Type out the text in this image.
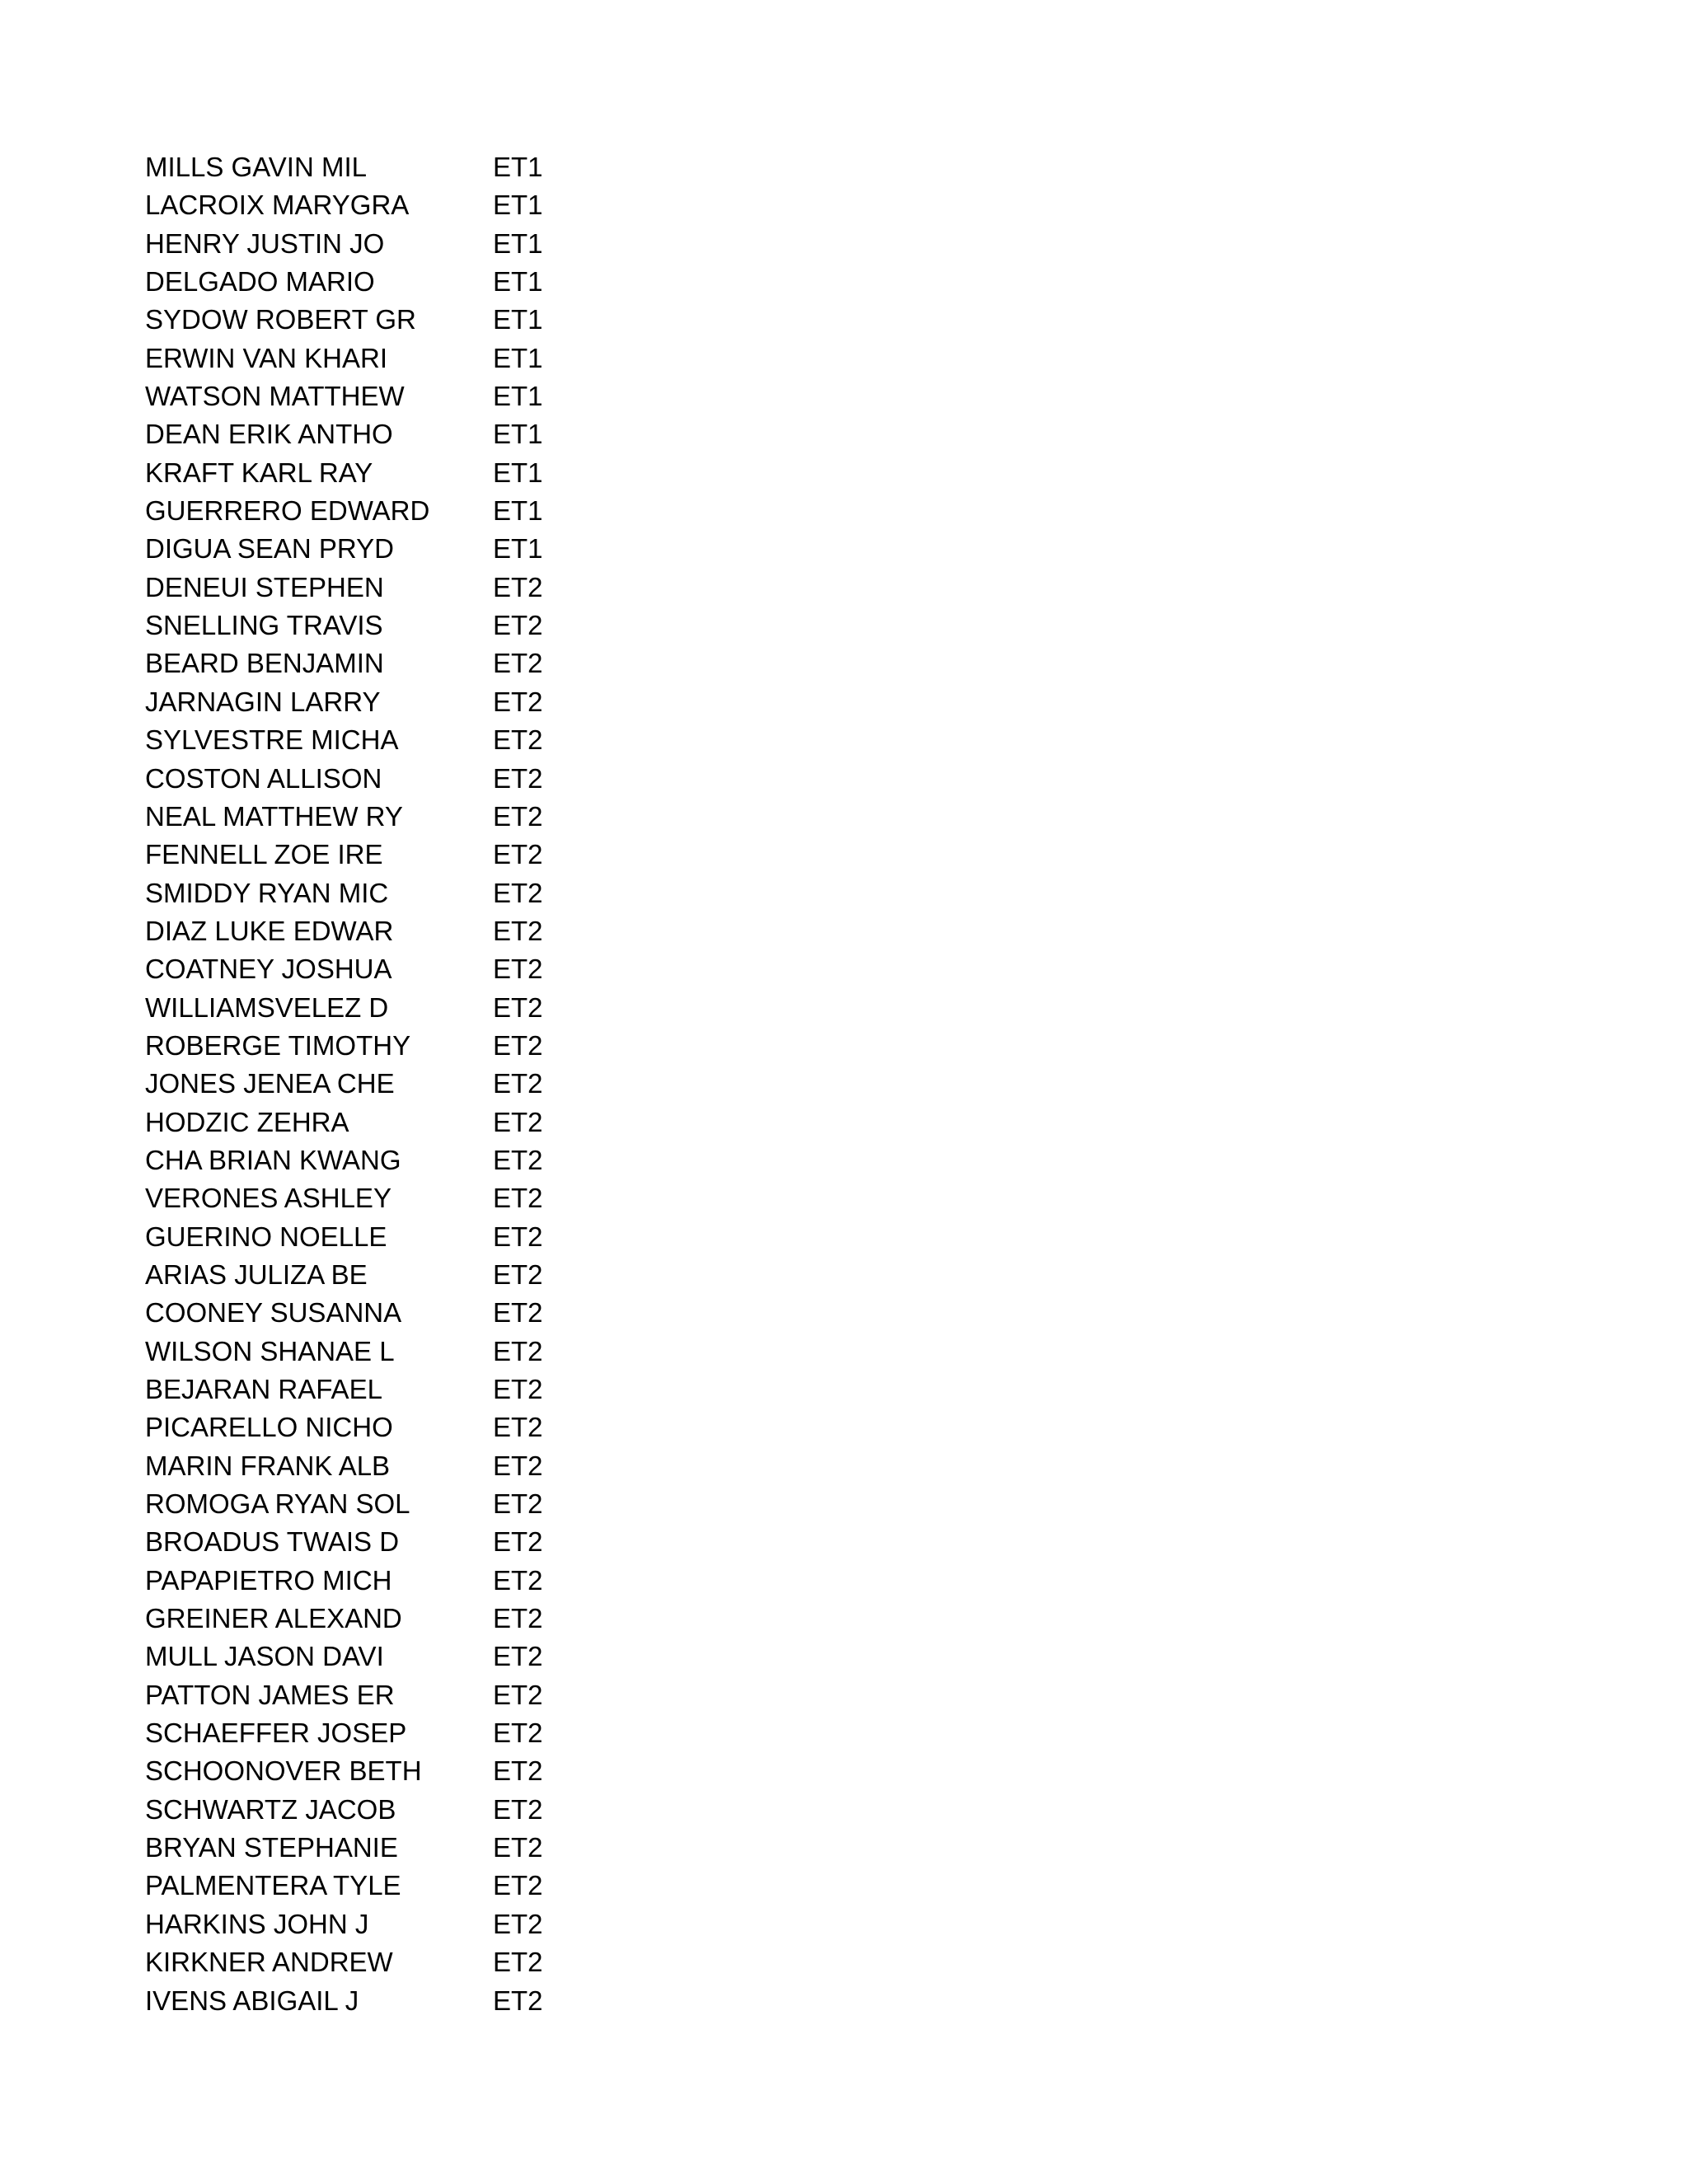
MILLS GAVIN MIL	ET1
LACROIX MARYGRA	ET1
HENRY JUSTIN JO	ET1
DELGADO MARIO	ET1
SYDOW ROBERT GR	ET1
ERWIN VAN KHARI	ET1
WATSON MATTHEW	ET1
DEAN ERIK ANTHO	ET1
KRAFT KARL RAY	ET1
GUERRERO EDWARD ET1
DIGUA SEAN PRYD	ET1
DENEUI STEPHEN	ET2
SNELLING TRAVIS	ET2
BEARD BENJAMIN	ET2
JARNAGIN LARRY	ET2
SYLVESTRE MICHA	ET2
COSTON ALLISON	ET2
NEAL MATTHEW RY	ET2
FENNELL ZOE IRE	ET2
SMIDDY RYAN MIC	ET2
DIAZ LUKE EDWAR	ET2
COATNEY JOSHUA	ET2
WILLIAMSVELEZ D	ET2
ROBERGE TIMOTHY	ET2
JONES JENEA CHE	ET2
HODZIC ZEHRA	ET2
CHA BRIAN KWANG	ET2
VERONES ASHLEY	ET2
GUERINO NOELLE	ET2
ARIAS JULIZA BE	ET2
COONEY SUSANNA	ET2
WILSON SHANAE L	ET2
BEJARAN RAFAEL	ET2
PICARELLO NICHO	ET2
MARIN FRANK ALB	ET2
ROMOGA RYAN SOL	ET2
BROADUS TWAIS D	ET2
PAPAPIETRO MICH	ET2
GREINER ALEXAND	ET2
MULL JASON DAVI	ET2
PATTON JAMES ER	ET2
SCHAEFFER JOSEP	ET2
SCHOONOVER BETH	ET2
SCHWARTZ JACOB	ET2
BRYAN STEPHANIE	ET2
PALMENTERA TYLE	ET2
HARKINS JOHN J	ET2
KIRKNER ANDREW	ET2
IVENS ABIGAIL J	ET2
